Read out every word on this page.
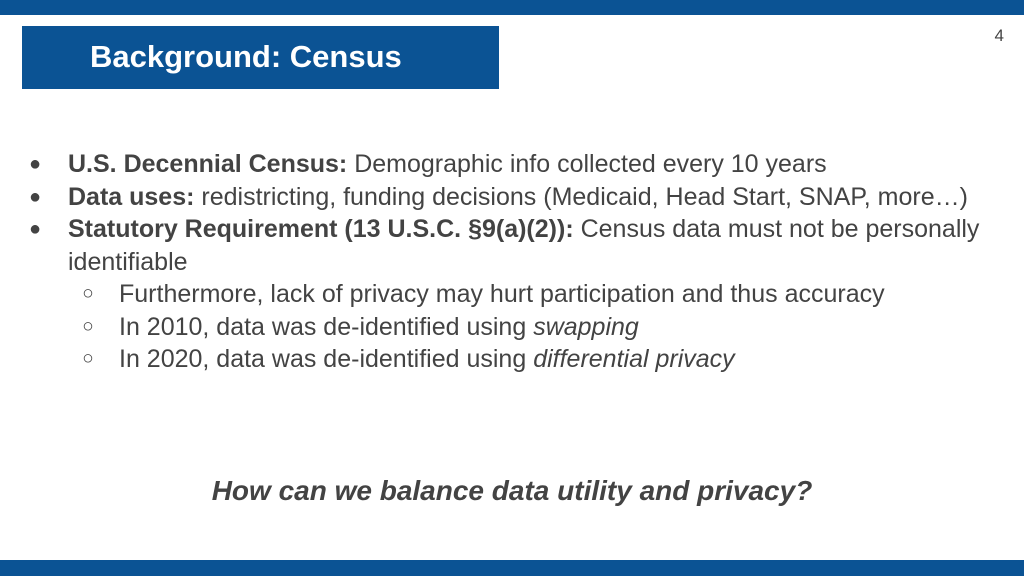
Background: Census
4
● U.S. Decennial Census: Demographic info collected every 10 years
● Data uses: redistricting, funding decisions (Medicaid, Head Start, SNAP, more…)
● Statutory Requirement (13 U.S.C. §9(a)(2)): Census data must not be personally identifiable
○ Furthermore, lack of privacy may hurt participation and thus accuracy
○ In 2010, data was de-identified using swapping
○ In 2020, data was de-identified using differential privacy
How can we balance data utility and privacy?
